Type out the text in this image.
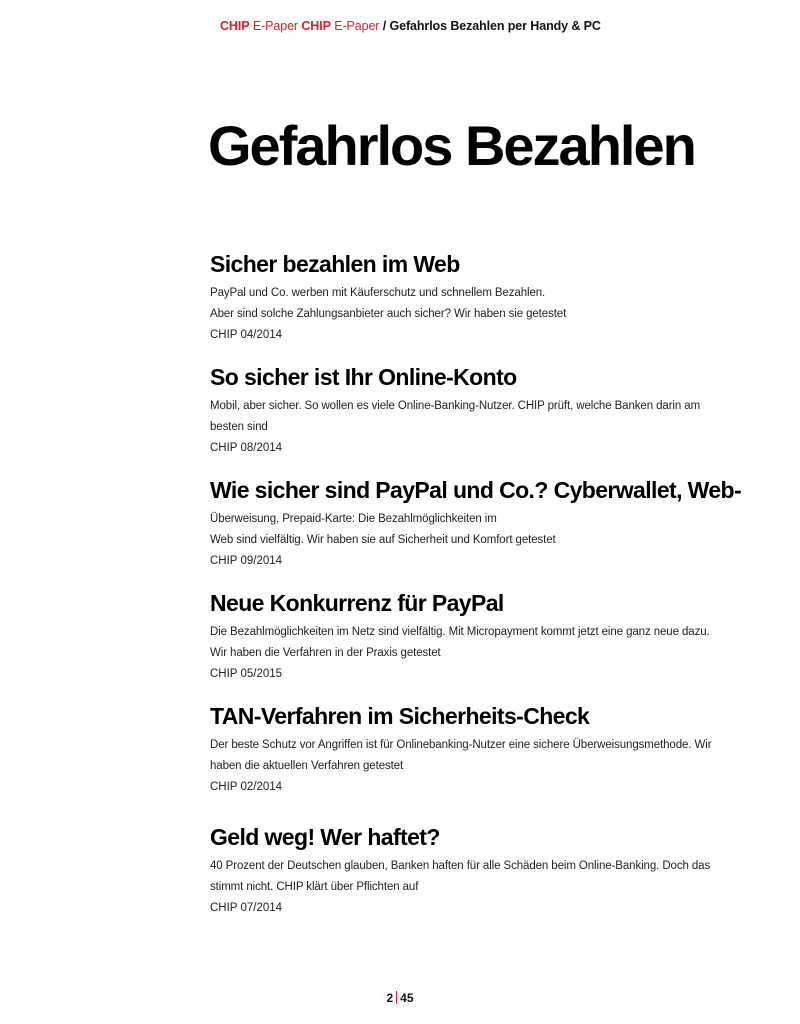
CHIP E-Paper CHIP E-Paper / Gefahrlos Bezahlen per Handy & PC
Gefahrlos Bezahlen
Sicher bezahlen im Web

PayPal und Co. werben mit Käuferschutz und schnellem Bezahlen.
Aber sind solche Zahlungsanbieter auch sicher? Wir haben sie getestet

CHIP 04/2014

So sicher ist Ihr Online-Konto

Mobil, aber sicher. So wollen es viele Online-Banking-Nutzer. CHIP prüft, welche Banken darin am
besten sind

CHIP 08/2014

Wie sicher sind PayPal und Co.? Cyberwallet, Web-

Überweisung, Prepaid-Karte: Die Bezahlmöglichkeiten im
Web sind vielfältig. Wir haben sie auf Sicherheit und Komfort getestet

CHIP 09/2014

Neue Konkurrenz für PayPal

Die Bezahlmöglichkeiten im Netz sind vielfältig. Mit Micropayment kommt jetzt eine ganz neue dazu.
Wir haben die Verfahren in der Praxis getestet

CHIP 05/2015

TAN-Verfahren im Sicherheits-Check

Der beste Schutz vor Angriffen ist für Onlinebanking-Nutzer eine sichere Überweisungsmethode. Wir
haben die aktuellen Verfahren getestet

CHIP 02/2014

Geld weg! Wer haftet?

40 Prozent der Deutschen glauben, Banken haften für alle Schäden beim Online-Banking. Doch das
stimmt nicht. CHIP klärt über Pflichten auf

CHIP 07/2014

2 45
